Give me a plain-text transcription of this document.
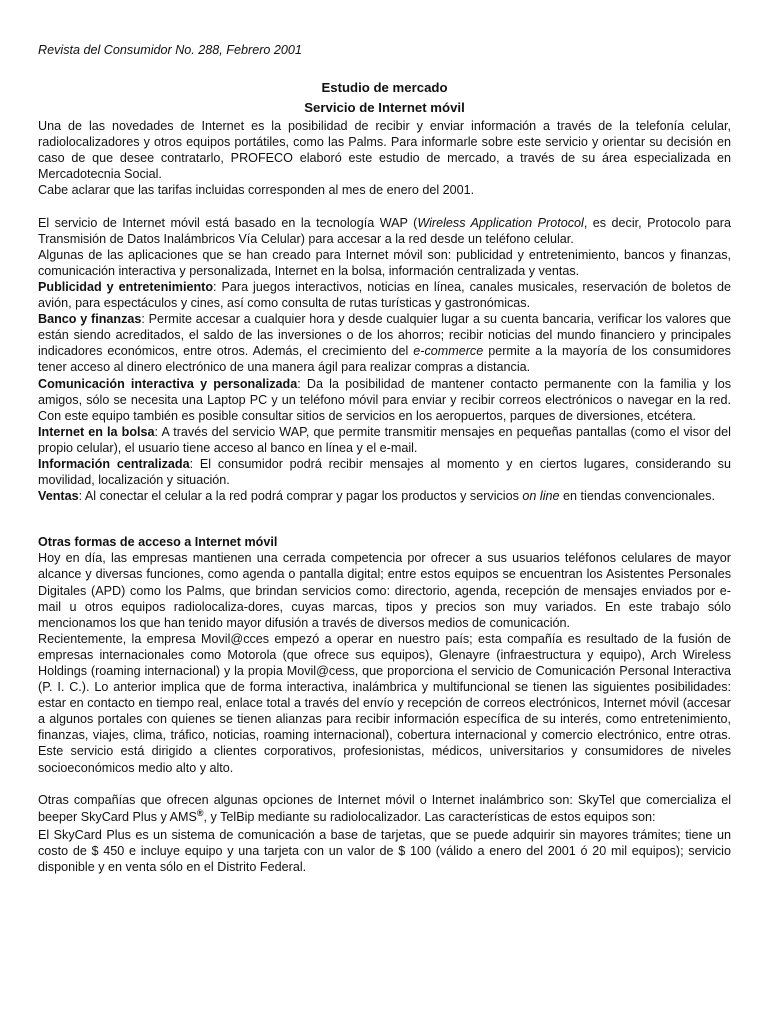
Revista del Consumidor No. 288, Febrero 2001

Estudio de mercado

Servicio de Internet móvil

Una de las novedades de Internet es la posibilidad de recibir y enviar información a través de la telefonía celular, radiolocalizadores y otros equipos portátiles, como las Palms. Para informarle sobre este servicio y orientar su decisión en caso de que desee contratarlo, PROFECO elaboró este estudio de mercado, a través de su área especializada en Mercadotecnia Social.

Cabe aclarar que las tarifas incluidas corresponden al mes de enero del 2001.

El servicio de Internet móvil está basado en la tecnología WAP (Wireless Application Protocol, es decir, Protocolo para Transmisión de Datos Inalámbricos Vía Celular) para accesar a la red desde un teléfono celular.

Algunas de las aplicaciones que se han creado para Internet móvil son: publicidad y entretenimiento, bancos y finanzas, comunicación interactiva y personalizada, Internet en la bolsa, información centralizada y ventas.

Publicidad y entretenimiento: Para juegos interactivos, noticias en línea, canales musicales, reservación de boletos de avión, para espectáculos y cines, así como consulta de rutas turísticas y gastronómicas.

Banco y finanzas: Permite accesar a cualquier hora y desde cualquier lugar a su cuenta bancaria, verificar los valores que están siendo acreditados, el saldo de las inversiones o de los ahorros; recibir noticias del mundo financiero y principales indicadores económicos, entre otros. Además, el crecimiento del e-commerce permite a la mayoría de los consumidores tener acceso al dinero electrónico de una manera ágil para realizar compras a distancia.

Comunicación interactiva y personalizada: Da la posibilidad de mantener contacto permanente con la familia y los amigos, sólo se necesita una Laptop PC y un teléfono móvil para enviar y recibir correos electrónicos o navegar en la red. Con este equipo también es posible consultar sitios de servicios en los aeropuertos, parques de diversiones, etcétera.

Internet en la bolsa: A través del servicio WAP, que permite transmitir mensajes en pequeñas pantallas (como el visor del propio celular), el usuario tiene acceso al banco en línea y el e-mail.

Información centralizada: El consumidor podrá recibir mensajes al momento y en ciertos lugares, considerando su movilidad, localización y situación.

Ventas: Al conectar el celular a la red podrá comprar y pagar los productos y servicios on line en tiendas convencionales.

Otras formas de acceso a Internet móvil

Hoy en día, las empresas mantienen una cerrada competencia por ofrecer a sus usuarios teléfonos celulares de mayor alcance y diversas funciones, como agenda o pantalla digital; entre estos equipos se encuentran los Asistentes Personales Digitales (APD) como los Palms, que brindan servicios como: directorio, agenda, recepción de mensajes enviados por e-mail u otros equipos radiolocaliza-dores, cuyas marcas, tipos y precios son muy variados. En este trabajo sólo mencionamos los que han tenido mayor difusión a través de diversos medios de comunicación.

Recientemente, la empresa Movil@cces empezó a operar en nuestro país; esta compañía es resultado de la fusión de empresas internacionales como Motorola (que ofrece sus equipos), Glenayre (infraestructura y equipo), Arch Wireless Holdings (roaming internacional) y la propia Movil@cess, que proporciona el servicio de Comunicación Personal Interactiva (P. I. C.). Lo anterior implica que de forma interactiva, inalámbrica y multifuncional se tienen las siguientes posibilidades: estar en contacto en tiempo real, enlace total a través del envío y recepción de correos electrónicos, Internet móvil (accesar a algunos portales con quienes se tienen alianzas para recibir información específica de su interés, como entretenimiento, finanzas, viajes, clima, tráfico, noticias, roaming internacional), cobertura internacional y comercio electrónico, entre otras. Este servicio está dirigido a clientes corporativos, profesionistas, médicos, universitarios y consumidores de niveles socioeconómicos medio alto y alto.

Otras compañías que ofrecen algunas opciones de Internet móvil o Internet inalámbrico son: SkyTel que comercializa el beeper SkyCard Plus y AMS®, y TelBip mediante su radiolocalizador. Las características de estos equipos son:

El SkyCard Plus es un sistema de comunicación a base de tarjetas, que se puede adquirir sin mayores trámites; tiene un costo de $ 450 e incluye equipo y una tarjeta con un valor de $ 100 (válido a enero del 2001 ó 20 mil equipos); servicio disponible y en venta sólo en el Distrito Federal.
